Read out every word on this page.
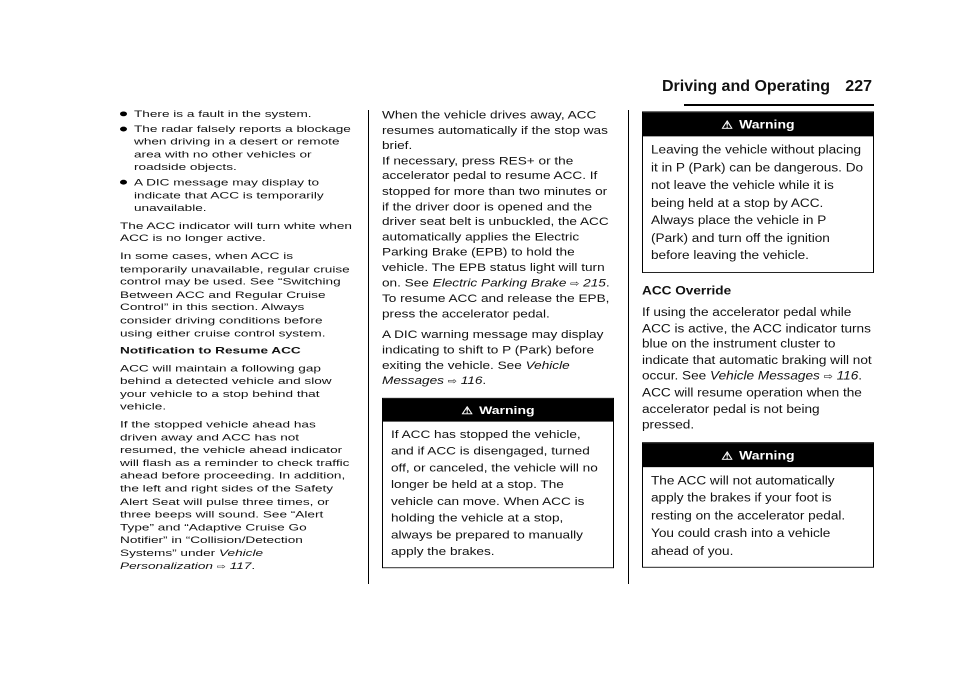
Driving and Operating 227
There is a fault in the system.
The radar falsely reports a blockage when driving in a desert or remote area with no other vehicles or roadside objects.
A DIC message may display to indicate that ACC is temporarily unavailable.

The ACC indicator will turn white when ACC is no longer active.

In some cases, when ACC is temporarily unavailable, regular cruise control may be used. See “Switching Between ACC and Regular Cruise Control” in this section. Always consider driving conditions before using either cruise control system.

Notification to Resume ACC

ACC will maintain a following gap behind a detected vehicle and slow your vehicle to a stop behind that vehicle.

If the stopped vehicle ahead has driven away and ACC has not resumed, the vehicle ahead indicator will flash as a reminder to check traffic ahead before proceeding. In addition, the left and right sides of the Safety Alert Seat will pulse three times, or three beeps will sound. See “Alert Type” and “Adaptive Cruise Go Notifier” in “Collision/Detection Systems” under Vehicle Personalization ⇨ 117.

When the vehicle drives away, ACC resumes automatically if the stop was brief.

If necessary, press RES+ or the accelerator pedal to resume ACC. If stopped for more than two minutes or if the driver door is opened and the driver seat belt is unbuckled, the ACC automatically applies the Electric Parking Brake (EPB) to hold the vehicle. The EPB status light will turn on. See Electric Parking Brake ⇨ 215. To resume ACC and release the EPB, press the accelerator pedal.

A DIC warning message may display indicating to shift to P (Park) before exiting the vehicle. See Vehicle Messages ⇨ 116.

⚠ Warning
If ACC has stopped the vehicle, and if ACC is disengaged, turned off, or canceled, the vehicle will no longer be held at a stop. The vehicle can move. When ACC is holding the vehicle at a stop, always be prepared to manually apply the brakes.
⚠ Warning
Leaving the vehicle without placing it in P (Park) can be dangerous. Do not leave the vehicle while it is being held at a stop by ACC. Always place the vehicle in P (Park) and turn off the ignition before leaving the vehicle.

ACC Override

If using the accelerator pedal while ACC is active, the ACC indicator turns blue on the instrument cluster to indicate that automatic braking will not occur. See Vehicle Messages ⇨ 116. ACC will resume operation when the accelerator pedal is not being pressed.

⚠ Warning
The ACC will not automatically apply the brakes if your foot is resting on the accelerator pedal. You could crash into a vehicle ahead of you.
